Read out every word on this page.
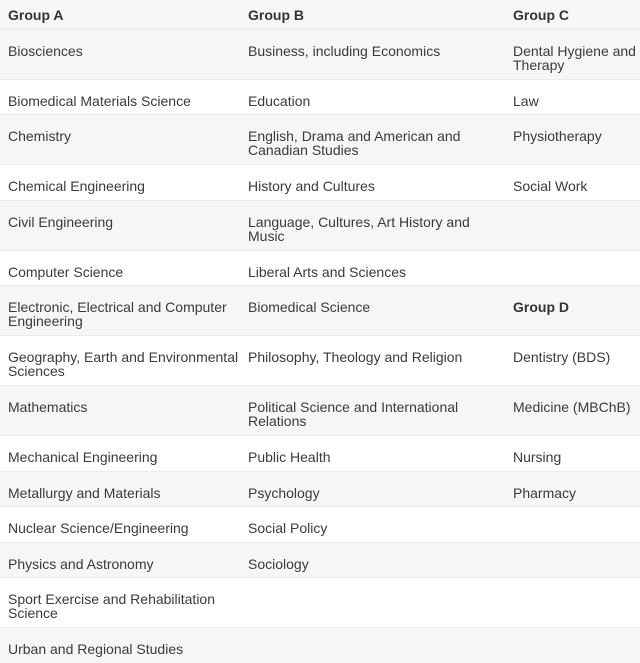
Group A	Group B	Group C
Biosciences	Business, including Economics	Dental Hygiene and Therapy
Biomedical Materials Science	Education	Law
Chemistry	English, Drama and American and Canadian Studies	Physiotherapy
Chemical Engineering	History and Cultures	Social Work
Civil Engineering	Language, Cultures, Art History and Music	
Computer Science	Liberal Arts and Sciences	
Electronic, Electrical and Computer Engineering	Biomedical Science	Group D
Geography, Earth and Environmental Sciences	Philosophy, Theology and Religion	Dentistry (BDS)
Mathematics	Political Science and International Relations	Medicine (MBChB)
Mechanical Engineering	Public Health	Nursing
Metallurgy and Materials	Psychology	Pharmacy
Nuclear Science/Engineering	Social Policy	
Physics and Astronomy	Sociology	
Sport Exercise and Rehabilitation Science		
Urban and Regional Studies		
